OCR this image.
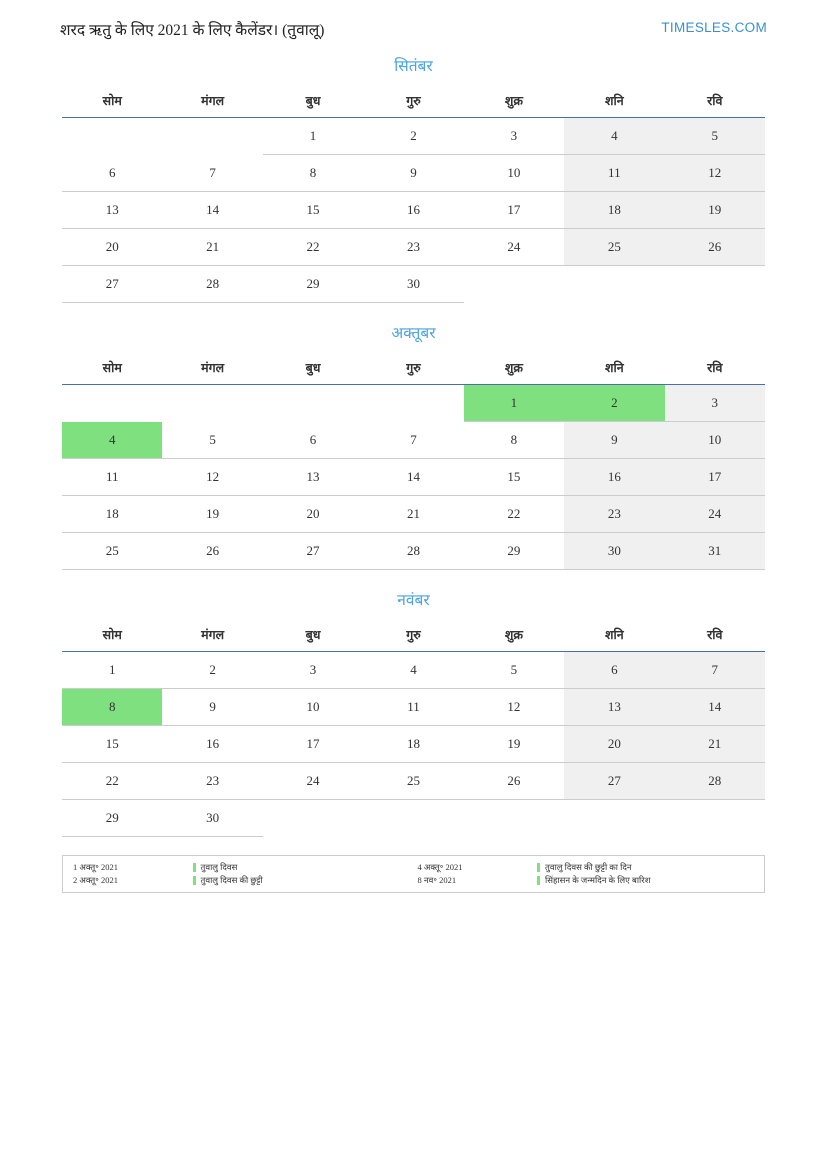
शरद ऋतु के लिए 2021 के लिए कैलेंडर। (तुवालू)	TIMESLES.COM
सितंबर
सोम	मंगल	बुध	गुरु	शुक्र	शनि	रवि
		1	2	3	4	5
6	7	8	9	10	11	12
13	14	15	16	17	18	19
20	21	22	23	24	25	26
27	28	29	30			
अक्तूबर
सोम	मंगल	बुध	गुरु	शुक्र	शनि	रवि
				1	2	3
4	5	6	7	8	9	10
11	12	13	14	15	16	17
18	19	20	21	22	23	24
25	26	27	28	29	30	31
नवंबर
सोम	मंगल	बुध	गुरु	शुक्र	शनि	रवि
1	2	3	4	5	6	7
8	9	10	11	12	13	14
15	16	17	18	19	20	21
22	23	24	25	26	27	28
29	30					
1 अक्तू॰ 2021	तुवालु दिवस	4 अक्तू॰ 2021	तुवालु दिवस की छुट्टी का दिन
2 अक्तू॰ 2021	तुवालु दिवस की छुट्टी	8 नव॰ 2021	सिंहासन के जन्मदिन के लिए बारिश
